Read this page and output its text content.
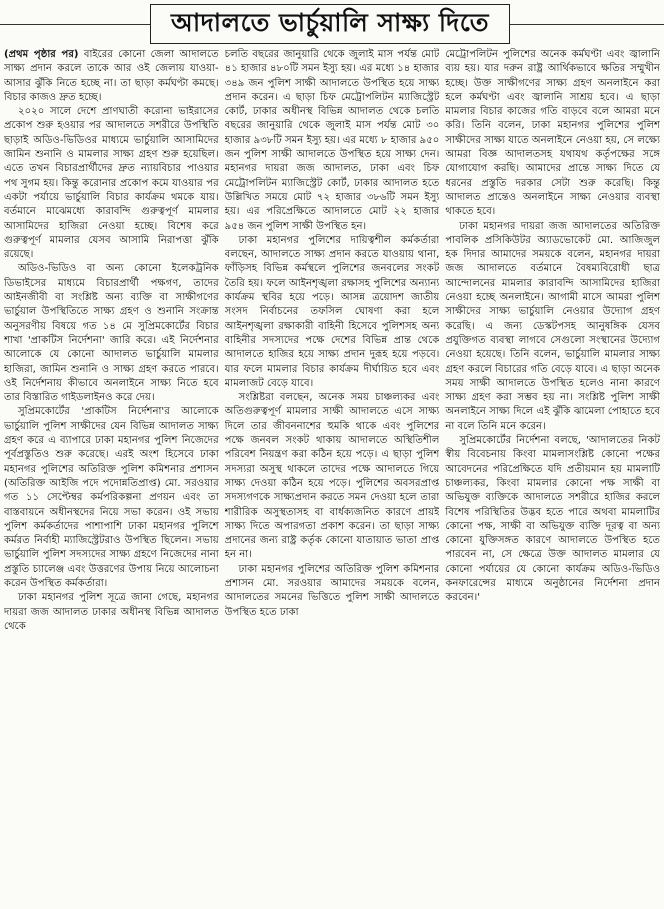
আদালতে ভার্চুয়ালি সাক্ষ্য দিতে

(প্রথম পৃষ্ঠার পর) বাইরের কোনো জেলা আদালতে সাক্ষ্য প্রদান করলে তাকে আর ওই জেলায় যাওয়া-আসার ঝুঁকি নিতে হচ্ছে না। তা ছাড়া কর্মঘণ্টা কমছে। বিচার কাজও দ্রুত হচ্ছে।

২০২০ সালে দেশে প্রাণঘাতী করোনা ভাইরাসের প্রকোপ শুরু হওয়ার পর আদালতে সশরীরে উপস্থিতি ছাড়াই অডিও-ভিডিওর মাধ্যমে ভার্চুয়ালি আসামিদের জামিন শুনানি ও মামলার সাক্ষ্য গ্রহণ শুরু হয়েছিল। এতে তখন বিচারপ্রার্থীদের দ্রুত ন্যায়বিচার পাওয়ার পথ সুগম হয়। কিন্তু করোনার প্রকোপ কমে যাওয়ার পর একটা পর্যায়ে ভার্চুয়ালি বিচার কার্যক্রম থমকে যায়। বর্তমানে মাঝেমধ্যে কারাবন্দি গুরুত্বপূর্ণ মামলার আসামিদের হাজিরা নেওয়া হচ্ছে। বিশেষ করে গুরুত্বপূর্ণ মামলার যেসব আসামি নিরাপত্তা ঝুঁকি রয়েছে।

অডিও-ভিডিও বা অন্য কোনো ইলেকট্রনিক ডিভাইসের মাধ্যমে বিচারপ্রার্থী পক্ষগণ, তাদের আইনজীবী বা সংশ্লিষ্ট অন্য ব্যক্তি বা সাক্ষীগণের ভার্চুয়াল উপস্থিতিতে সাক্ষ্য গ্রহণ ও শুনানি সংক্রান্ত অনুসরণীয় বিষয়ে গত ১৪ মে সুপ্রিমকোর্টের বিচার শাখা 'প্রাকটিস নির্দেশনা' জারি করে। এই নির্দেশনার আলোকে যে কোনো আদালত ভার্চুয়ালি মামলার হাজিরা, জামিন শুনানি ও সাক্ষ্য গ্রহণ করতে পারবে। ওই নির্দেশনায় কীভাবে অনলাইনে সাক্ষ্য নিতে হবে তার বিস্তারিত গাইডলাইনও করে দেয়।

সুপ্রিমকোর্টের 'প্রাকটিস নির্দেশনা'র আলোকে ভার্চুয়ালি পুলিশ সাক্ষীদের যেন বিভিন্ন আদালত সাক্ষ্য গ্রহণ করে এ ব্যাপারে ঢাকা মহানগর পুলিশ নিজেদের পূর্বপ্রস্তুতিও শুরু করেছে। এরই অংশ হিসেবে ঢাকা মহানগর পুলিশের অতিরিক্ত পুলিশ কমিশনার প্রশাসন (অতিরিক্ত আইজি পদে পদোন্নতিপ্রাপ্ত) মো. সরওয়ার গত ১১ সেপ্টেম্বর কর্মপরিকল্পনা প্রণয়ন এবং তা বাস্তবায়নে অধীনস্থদের নিয়ে সভা করেন। ওই সভায় পুলিশ কর্মকর্তাদের পাশাপাশি ঢাকা মহানগর পুলিশে কর্মরত নির্বাহী ম্যাজিস্ট্রেটরাও উপস্থিত ছিলেন। সভায় ভার্চুয়ালি পুলিশ সদস্যদের সাক্ষ্য গ্রহণে নিজেদের নানা প্রস্তুতি চ্যালেঞ্জ এবং উত্তরণের উপায় নিয়ে আলোচনা করেন উপস্থিত কর্মকর্তারা।

ঢাকা মহানগর পুলিশ সূত্রে জানা গেছে, মহানগর দায়রা জজ আদালত ঢাকার অধীনস্থ বিভিন্ন আদালত থেকে

চলতি বছরের জানুয়ারি থেকে জুলাই মাস পর্যন্ত মোট ৪১ হাজার ৪৮০টি সমন ইস্যু হয়। এর মধ্যে ১৪ হাজার ৩৪৯ জন পুলিশ সাক্ষী আদালতে উপস্থিত হয়ে সাক্ষ্য প্রদান করেন। এ ছাড়া চিফ মেট্রোপলিটন ম্যাজিস্ট্রেট কোর্ট, ঢাকার অধীনস্থ বিভিন্ন আদালত থেকে চলতি বছরের জানুয়ারি থেকে জুলাই মাস পর্যন্ত মোট ৩০ হাজার ৯৩৮টি সমন ইস্যু হয়। এর মধ্যে ৮ হাজার ৯৫০ জন পুলিশ সাক্ষী আদালতে উপস্থিত হয়ে সাক্ষ্য দেন। মহানগর দায়রা জজ আদালত, ঢাকা এবং চিফ মেট্রোপলিটন ম্যাজিস্ট্রেট কোর্ট, ঢাকার আদালত হতে উল্লিখিত সময়ে মোট ৭২ হাজার ৩৮৬টি সমন ইস্যু হয়। এর পরিপ্রেক্ষিতে আদালতে মোট ২২ হাজার ৯৫৪ জন পুলিশ সাক্ষী উপস্থিত হন।

ঢাকা মহানগর পুলিশের দায়িত্বশীল কর্মকর্তারা বলছেন, আদালতে সাক্ষ্য প্রদান করতে যাওয়ায় থানা, ফাঁড়িসহ বিভিন্ন কর্মস্থলে পুলিশের জনবলের সংকট তৈরি হয়। ফলে আইনশৃঙ্খলা রক্ষাসহ পুলিশের অন্যান্য কার্যক্রম স্থবির হয়ে পড়ে। আসন্ন ত্রয়োদশ জাতীয় সংসদ নির্বাচনের তফসিল ঘোষণা করা হলে আইনশৃঙ্খলা রক্ষাকারী বাহিনী হিসেবে পুলিশসহ অন্য বাহিনীর সদস্যদের পক্ষে দেশের বিভিন্ন প্রান্ত থেকে আদালতে হাজির হয়ে সাক্ষ্য প্রদান দুরূহ হয়ে পড়বে। যার ফলে মামলার বিচার কার্যক্রম দীর্ঘায়িত হবে এবং মামলাজট বেড়ে যাবে।

সংশ্লিষ্টরা বলছেন, অনেক সময় চাঞ্চল্যকর এবং অতিগুরুত্বপূর্ণ মামলার সাক্ষী আদালতে এসে সাক্ষ্য দিলে তার জীবননাশের হুমকি থাকে এবং পুলিশের পক্ষে জনবল সংকট থাকায় আদালতে অস্থিতিশীল পরিবেশ নিয়ন্ত্রণ করা কঠিন হয়ে পড়ে। এ ছাড়া পুলিশ সদস্যরা অসুস্থ থাকলে তাদের পক্ষে আদালতে গিয়ে সাক্ষ্য দেওয়া কঠিন হয়ে পড়ে। পুলিশের অবসরপ্রাপ্ত সদস্যগণকে সাক্ষ্যপ্রদান করতে সমন দেওয়া হলে তারা শারীরিক অসুস্থতাসহ বা বার্ধক্যজনিত কারণে প্রায়ই সাক্ষ্য দিতে অপারগতা প্রকাশ করেন। তা ছাড়া সাক্ষ্য প্রদানের জন্য রাষ্ট্র কর্তৃক কোনো যাতায়াত ভাতা প্রাপ্ত হন না।

ঢাকা মহানগর পুলিশের অতিরিক্ত পুলিশ কমিশনার প্রশাসন মো. সরওয়ার আমাদের সময়কে বলেন, আদালতের সমনের ভিত্তিতে পুলিশ সাক্ষী আদালতে উপস্থিত হতে ঢাকা

মেট্রোপলিটন পুলিশের অনেক কর্মঘণ্টা এবং জ্বালানি ব্যয় হয়। যার দরুন রাষ্ট্র আর্থিকভাবে ক্ষতির সম্মুখীন হচ্ছে। উক্ত সাক্ষীগণের সাক্ষ্য গ্রহণ অনলাইনে করা হলে কর্মঘণ্টা এবং জ্বালানি সাশ্রয় হবে। এ ছাড়া মামলার বিচার কাজের গতি বাড়বে বলে আমরা মনে করি। তিনি বলেন, ঢাকা মহানগর পুলিশের পুলিশ সাক্ষীদের সাক্ষ্য যাতে অনলাইনে নেওয়া হয়, সে লক্ষ্যে আমরা বিজ্ঞ আদালতসহ যথাযথ কর্তৃপক্ষের সঙ্গে যোগাযোগ করছি। আমাদের প্রান্তে সাক্ষ্য দিতে যে ধরনের প্রস্তুতি দরকার সেটা শুরু করেছি। কিন্তু আদালত প্রান্তেও অনলাইনে সাক্ষ্য নেওয়ার ব্যবস্থা থাকতে হবে।

ঢাকা মহানগর দায়রা জজ আদালতের অতিরিক্ত পাবলিক প্রসিকিউটর অ্যাডভোকেট মো. আজিজুল হক দিদার আমাদের সময়কে বলেন, মহানগর দায়রা জজ আদালতে বর্তমানে বৈষম্যবিরোধী ছাত্র আন্দোলনের মামলার কারাবন্দি আসামিদের হাজিরা নেওয়া হচ্ছে অনলাইনে। আগামী মাসে আমরা পুলিশ সাক্ষীদের সাক্ষ্য ভার্চুয়ালি নেওয়ার উদ্যোগ গ্রহণ করেছি। এ জন্য ডেস্কটপসহ আনুষঙ্গিক যেসব প্রযুক্তিগত ব্যবস্থা লাগবে সেগুলো সংস্থানের উদ্যোগ নেওয়া হয়েছে। তিনি বলেন, ভার্চুয়ালি মামলার সাক্ষ্য গ্রহণ করলে বিচারের গতি বেড়ে যাবে। এ ছাড়া অনেক সময় সাক্ষী আদালতে উপস্থিত হলেও নানা কারণে সাক্ষ্য গ্রহণ করা সম্ভব হয় না। সংশ্লিষ্ট পুলিশ সাক্ষী অনলাইনে সাক্ষ্য দিলে এই ঝুঁকি ঝামেলা পোহাতে হবে না বলে তিনি মনে করেন।

সুপ্রিমকোর্টের নির্দেশনা বলছে, 'আদালতের নিকট স্বীয় বিবেচনায় কিংবা মামলাসংশ্লিষ্ট কোনো পক্ষের আবেদনের পরিপ্রেক্ষিতে যদি প্রতীয়মান হয় মামলাটি চাঞ্চল্যকর, কিংবা মামলার কোনো পক্ষ সাক্ষী বা অভিযুক্ত ব্যক্তিকে আদালতে সশরীরে হাজির করলে বিশেষ পরিস্থিতির উদ্ভব হতে পারে অথবা মামলাটির কোনো পক্ষ, সাক্ষী বা অভিযুক্ত ব্যক্তি দূরত্ব বা অন্য কোনো যুক্তিসঙ্গত কারণে আদালতে উপস্থিত হতে পারবেন না, সে ক্ষেত্রে উক্ত আদালত মামলার যে কোনো পর্যায়ের যে কোনো কার্যক্রম অডিও-ভিডিও কনফারেন্সের মাধ্যমে অনুষ্ঠানের নির্দেশনা প্রদান করবেন।'
